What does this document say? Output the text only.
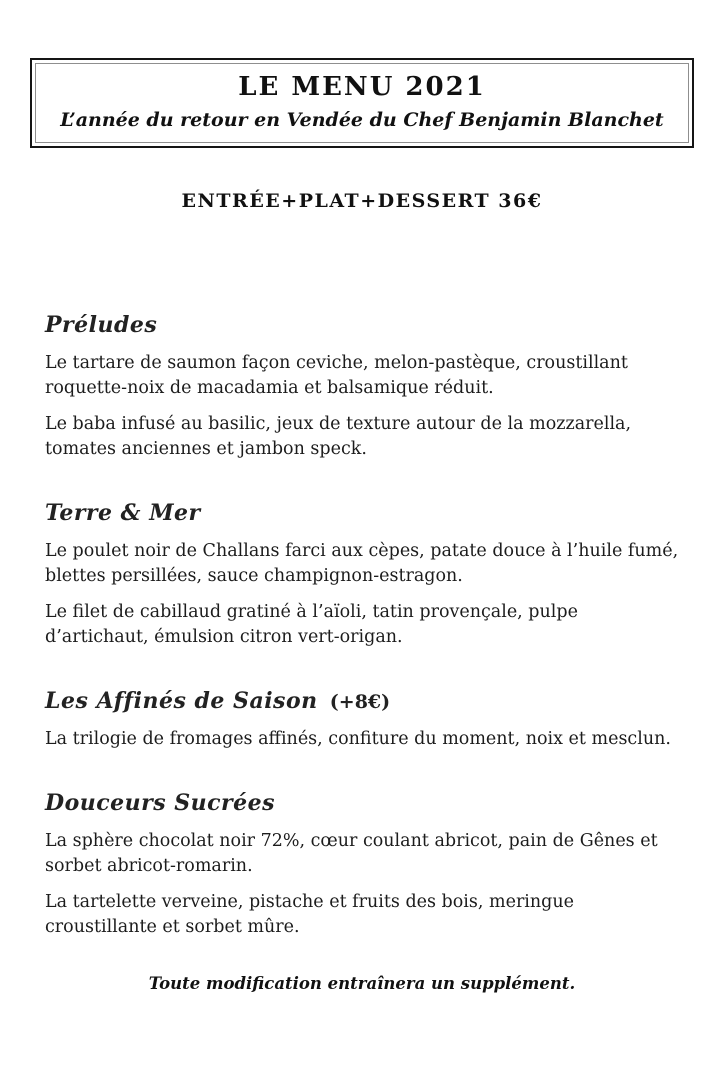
LE MENU 2021
L’année du retour en Vendée du Chef Benjamin Blanchet
ENTRÉE+PLAT+DESSERT 36€
Préludes

Le tartare de saumon façon ceviche, melon-pastèque, croustillant roquette-noix de macadamia et balsamique réduit.

Le baba infusé au basilic, jeux de texture autour de la mozzarella, tomates anciennes et jambon speck.

Terre & Mer

Le poulet noir de Challans farci aux cèpes, patate douce à l’huile fumé, blettes persillées, sauce champignon-estragon.

Le filet de cabillaud gratiné à l’aïoli, tatin provençale, pulpe d’artichaut, émulsion citron vert-origan.

Les Affinés de Saison (+8€)

La trilogie de fromages affinés, confiture du moment, noix et mesclun.

Douceurs Sucrées

La sphère chocolat noir 72%, cœur coulant abricot, pain de Gênes et sorbet abricot-romarin.

La tartelette verveine, pistache et fruits des bois, meringue croustillante et sorbet mûre.

Toute modification entraînera un supplément.
